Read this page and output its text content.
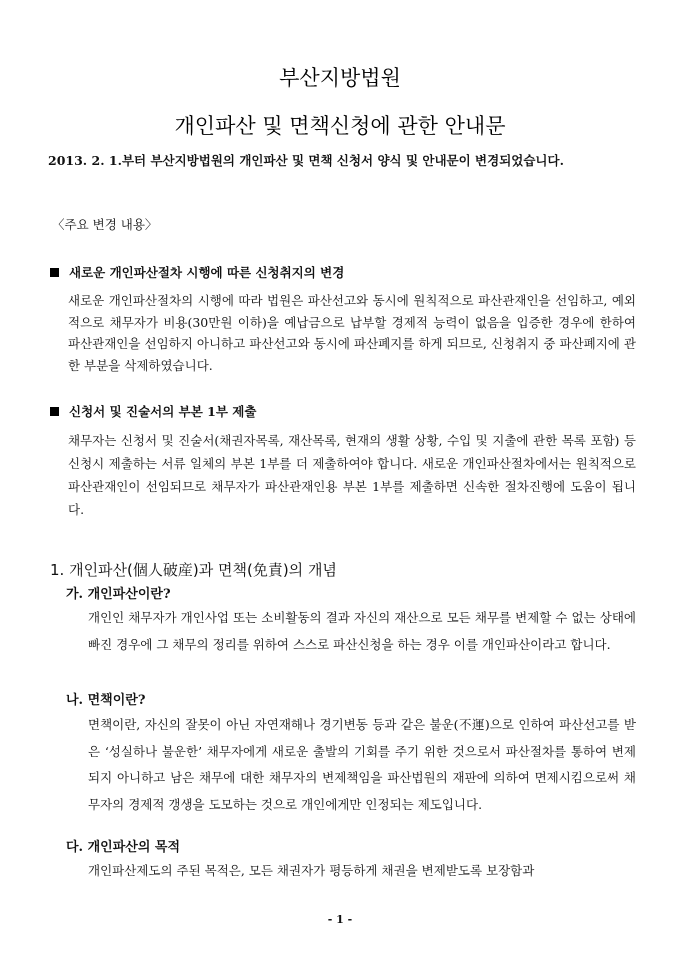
부산지방법원
개인파산 및 면책신청에 관한 안내문
2013. 2. 1.부터 부산지방법원의 개인파산 및 면책 신청서 양식 및 안내문이 변경되었습니다.
〈주요 변경 내용〉
새로운 개인파산절차 시행에 따른 신청취지의 변경
새로운 개인파산절차의 시행에 따라 법원은 파산선고와 동시에 원칙적으로 파산관재인을 선임하고, 예외적으로 채무자가 비용(30만원 이하)을 예납금으로 납부할 경제적 능력이 없음을 입증한 경우에 한하여 파산관재인을 선임하지 아니하고 파산선고와 동시에 파산폐지를 하게 되므로, 신청취지 중 파산폐지에 관한 부분을 삭제하였습니다.
신청서 및 진술서의 부본 1부 제출
채무자는 신청서 및 진술서(채권자목록, 재산목록, 현재의 생활 상황, 수입 및 지출에 관한 목록 포함) 등 신청시 제출하는 서류 일체의 부본 1부를 더 제출하여야 합니다. 새로운 개인파산절차에서는 원칙적으로 파산관재인이 선임되므로 채무자가 파산관재인용 부본 1부를 제출하면 신속한 절차진행에 도움이 됩니다.
1. 개인파산(個人破産)과 면책(免責)의 개념
가. 개인파산이란?
개인인 채무자가 개인사업 또는 소비활동의 결과 자신의 재산으로 모든 채무를 변제할 수 없는 상태에 빠진 경우에 그 채무의 정리를 위하여 스스로 파산신청을 하는 경우 이를 개인파산이라고 합니다.
나. 면책이란?
면책이란, 자신의 잘못이 아닌 자연재해나 경기변동 등과 같은 불운(不運)으로 인하여 파산선고를 받은 ‘성실하나 불운한’ 채무자에게 새로운 출발의 기회를 주기 위한 것으로서 파산절차를 통하여 변제되지 아니하고 남은 채무에 대한 채무자의 변제책임을 파산법원의 재판에 의하여 면제시킴으로써 채무자의 경제적 갱생을 도모하는 것으로 개인에게만 인정되는 제도입니다.
다. 개인파산의 목적
개인파산제도의 주된 목적은, 모든 채권자가 평등하게 채권을 변제받도록 보장함과
- 1 -
